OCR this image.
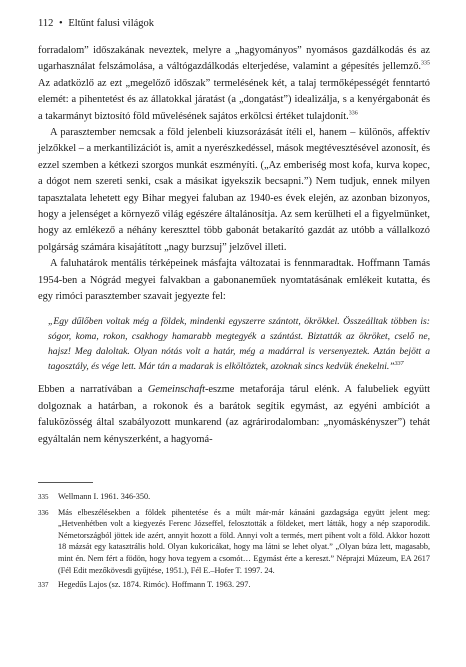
112 • Eltűnt falusi világok

forradalom” időszakának neveztek, melyre a „hagyományos” nyomásos gazdálkodás és az ugarhasználat felszámolása, a váltógazdálkodás elterjedése, valamint a gépesítés jellemző.$^{335}$ Az adatközlő az ezt „megelőző időszak” termelésének két, a talaj termőképességét fenntartó elemét: a pihentetést és az állatokkal járatást (a „dongatást”) idealizálja, s a kenyérgabonát és a takarmányt biztosító föld művelésének sajátos erkölcsi értéket tulajdonít.$^{336}$

A parasztember nemcsak a föld jelenbeli kiuzsorázását ítéli el, hanem – különös, affektív jelzőkkel – a merkantilizációt is, amit a nyerészkedéssel, mások megtévesztésével azonosít, és ezzel szemben a kétkezi szorgos munkát eszményíti. („Az emberiség most kofa, kurva kopec, a dógot nem szereti senki, csak a másikat igyekszik becsapni.”) Nem tudjuk, ennek milyen tapasztalata lehetett egy Bihar megyei faluban az 1940-es évek elején, az azonban bizonyos, hogy a jelenséget a környező világ egészére általánosítja. Az sem kerülheti el a figyelmünket, hogy az emlékező a néhány kereszttel több gabonát betakarító gazdát az utóbb a vállalkozó polgárság számára kisajátított „nagy burzsuj” jelzővel illeti.

A faluhatárok mentális térképeinek másfajta változatai is fennmaradtak. Hoffmann Tamás 1954-ben a Nógrád megyei falvakban a gabonaneműek nyomtatásának emlékeit kutatta, és egy rimóci parasztember szavait jegyezte fel:

„Egy dűlőben voltak még a földek, mindenki egyszerre szántott, ökrökkel. Összeálltak többen is: sógor, koma, rokon, csakhogy hamarabb megtegyék a szántást. Biztatták az ökröket, cselő ne, hajsz! Meg daloltak. Olyan nótás volt a határ, még a madárral is versenyeztek. Aztán bejött a tagosztály, és vége lett. Már tán a madarak is elköltöztek, azoknak sincs kedvük énekelni.”$^{337}$

Ebben a narratívában a Gemeinschaft-eszme metaforája tárul elénk. A falubeliek együtt dolgoznak a határban, a rokonok és a barátok segítik egymást, az egyéni ambíciót a faluközösség által szabályozott munkarend (az agrárirodalomban: „nyomáskényszer”) tehát egyáltalán nem kényszerként, a hagyomá-

335	Wellmann I. 1961. 346-350.
336	Más elbeszélésekben a földek pihentetése és a múlt már-már kánaáni gazdagsága együtt jelent meg: „Hetvenhétben volt a kiegyezés Ferenc Józseffel, felosztották a földeket, mert látták, hogy a nép szaporodik. Németországból jöttek ide azért, annyit hozott a föld. Annyi volt a termés, mert pihent volt a föld. Akkor hozott 18 mázsát egy katasztrális hold. Olyan kukoricákat, hogy ma látni se lehet olyat.” „Olyan búza lett, magasabb, mint én. Nem fért a födön, hogy hova tegyem a csomót… Egymást érte a kereszt.” Néprajzi Múzeum, EA 2617 (Fél Edit mezőkövesdi gyűjtése, 1951.), Fél E.–Hofer T. 1997. 24.
337	Hegedűs Lajos (sz. 1874. Rimóc). Hoffmann T. 1963. 297.
